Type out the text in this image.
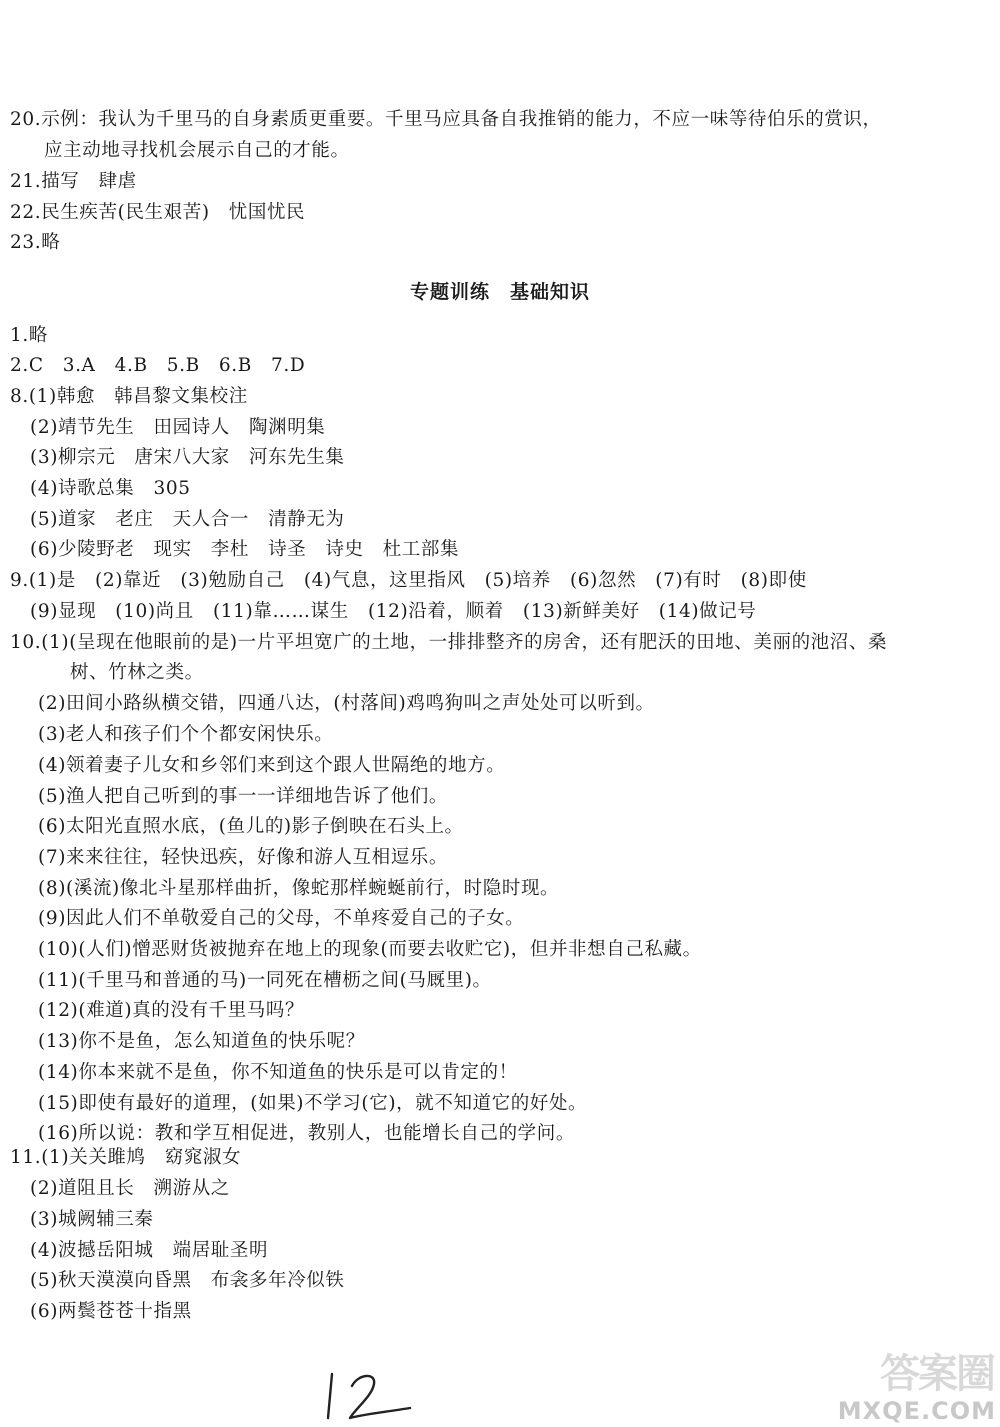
20.示例：我认为千里马的自身素质更重要。千里马应具备自我推销的能力，不应一味等待伯乐的赏识，
应主动地寻找机会展示自己的才能。
21.描写　肆虐
22.民生疾苦(民生艰苦)　忧国忧民
23.略
专题训练　基础知识
1.略
2.C　3.A　4.B　5.B　6.B　7.D
8.(1)韩愈　韩昌黎文集校注
(2)靖节先生　田园诗人　陶渊明集
(3)柳宗元　唐宋八大家　河东先生集
(4)诗歌总集　305
(5)道家　老庄　天人合一　清静无为
(6)少陵野老　现实　李杜　诗圣　诗史　杜工部集
9.(1)是　(2)靠近　(3)勉励自己　(4)气息，这里指风　(5)培养　(6)忽然　(7)有时　(8)即使
(9)显现　(10)尚且　(11)靠……谋生　(12)沿着，顺着　(13)新鲜美好　(14)做记号
10.(1)(呈现在他眼前的是)一片平坦宽广的土地，一排排整齐的房舍，还有肥沃的田地、美丽的池沼、桑
树、竹林之类。
(2)田间小路纵横交错，四通八达，(村落间)鸡鸣狗叫之声处处可以听到。
(3)老人和孩子们个个都安闲快乐。
(4)领着妻子儿女和乡邻们来到这个跟人世隔绝的地方。
(5)渔人把自己听到的事一一详细地告诉了他们。
(6)太阳光直照水底，(鱼儿的)影子倒映在石头上。
(7)来来往往，轻快迅疾，好像和游人互相逗乐。
(8)(溪流)像北斗星那样曲折，像蛇那样蜿蜒前行，时隐时现。
(9)因此人们不单敬爱自己的父母，不单疼爱自己的子女。
(10)(人们)憎恶财货被抛弃在地上的现象(而要去收贮它)，但并非想自己私藏。
(11)(千里马和普通的马)一同死在槽枥之间(马厩里)。
(12)(难道)真的没有千里马吗？
(13)你不是鱼，怎么知道鱼的快乐呢？
(14)你本来就不是鱼，你不知道鱼的快乐是可以肯定的！
(15)即使有最好的道理，(如果)不学习(它)，就不知道它的好处。
(16)所以说：教和学互相促进，教别人，也能增长自己的学问。
11.(1)关关雎鸠　窈窕淑女
(2)道阻且长　溯游从之
(3)城阙辅三秦
(4)波撼岳阳城　端居耻圣明
(5)秋天漠漠向昏黑　布衾多年冷似铁
(6)两鬓苍苍十指黑
答案圈
MXQE.COM
